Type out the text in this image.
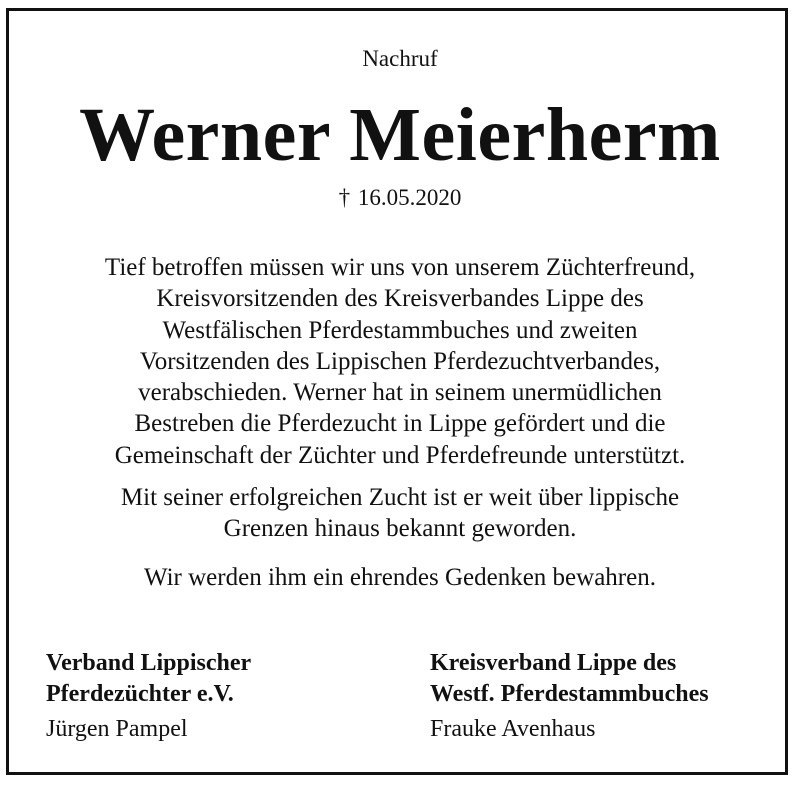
Nachruf
Werner Meierherm
† 16.05.2020
Tief betroffen müssen wir uns von unserem Züchterfreund,
Kreisvorsitzenden des Kreisverbandes Lippe des
Westfälischen Pferdestammbuches und zweiten
Vorsitzenden des Lippischen Pferdezuchtverbandes,
verabschieden. Werner hat in seinem unermüdlichen
Bestreben die Pferdezucht in Lippe gefördert und die
Gemeinschaft der Züchter und Pferdefreunde unterstützt.
Mit seiner erfolgreichen Zucht ist er weit über lippische
Grenzen hinaus bekannt geworden.
Wir werden ihm ein ehrendes Gedenken bewahren.
Verband Lippischer
Pferdezüchter e.V.
Jürgen Pampel
Kreisverband Lippe des
Westf. Pferdestammbuches
Frauke Avenhaus
